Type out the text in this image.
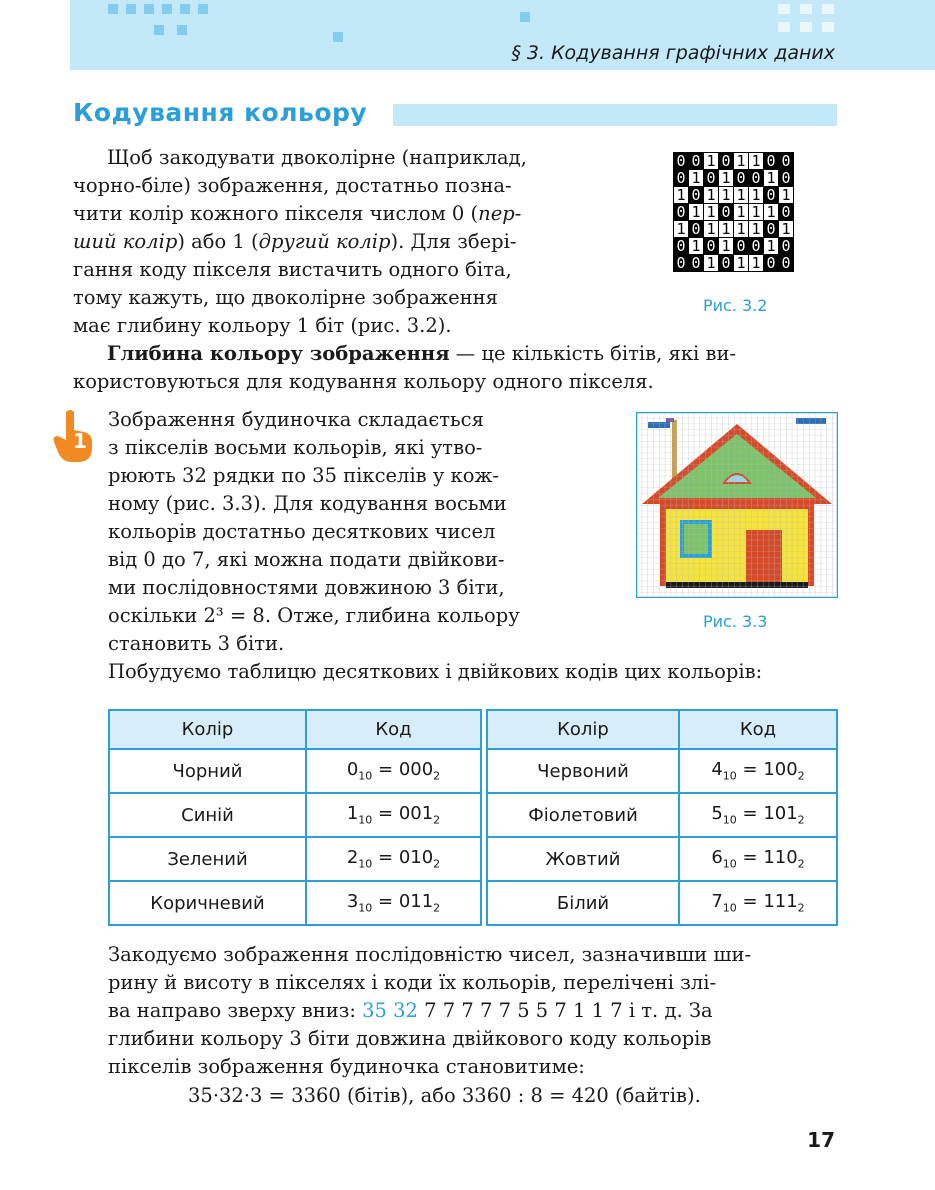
§ 3. Кодування графічних даних
Кодування кольору
Щоб закодувати двоколірне (наприклад,
чорно-біле) зображення, достатньо позна-
чити колір кожного пікселя числом 0 (пер-
ший колір) або 1 (другий колір). Для збері-
гання коду пікселя вистачить одного біта,
тому кажуть, що двоколірне зображення
має глибину кольору 1 біт (рис. 3.2).
0	0	1	0	1	1	0	0
0	1	0	1	0	0	1	0
1	0	1	1	1	1	0	1
0	1	1	0	1	1	1	0
1	0	1	1	1	1	0	1
0	1	0	1	0	0	1	0
0	0	1	0	1	1	0	0
Рис. 3.2
Глибина кольору зображення — це кількість бітів, які ви-
користовуються для кодування кольору одного пікселя.
1
Зображення будиночка складається
з пікселів восьми кольорів, які утво-
рюють 32 рядки по 35 пікселів у кож-
ному (рис. 3.3). Для кодування восьми
кольорів достатньо десяткових чисел
від 0 до 7, які можна подати двійкови-
ми послідовностями довжиною 3 біти,
оскільки 2³ = 8. Отже, глибина кольору
становить 3 біти.
Рис. 3.3
Побудуємо таблицю десяткових і двійкових кодів цих кольорів:
Колір	Код
Чорний	$0_{10} = 000_2$
Синій	$1_{10} = 001_2$
Зелений	$2_{10} = 010_2$
Коричневий	$3_{10} = 011_2$
Колір	Код
Червоний	$4_{10} = 100_2$
Фіолетовий	$5_{10} = 101_2$
Жовтий	$6_{10} = 110_2$
Білий	$7_{10} = 111_2$
Закодуємо зображення послідовністю чисел, зазначивши ши-
рину й висоту в пікселях і коди їх кольорів, перелічені злі-
ва направо зверху вниз: 35 32 7 7 7 7 7 5 5 7 1 1 7 і т. д. За
глибини кольору 3 біти довжина двійкового коду кольорів
пікселів зображення будиночка становитиме:
35·32·3 = 3360 (бітів), або 3360 : 8 = 420 (байтів).
17
